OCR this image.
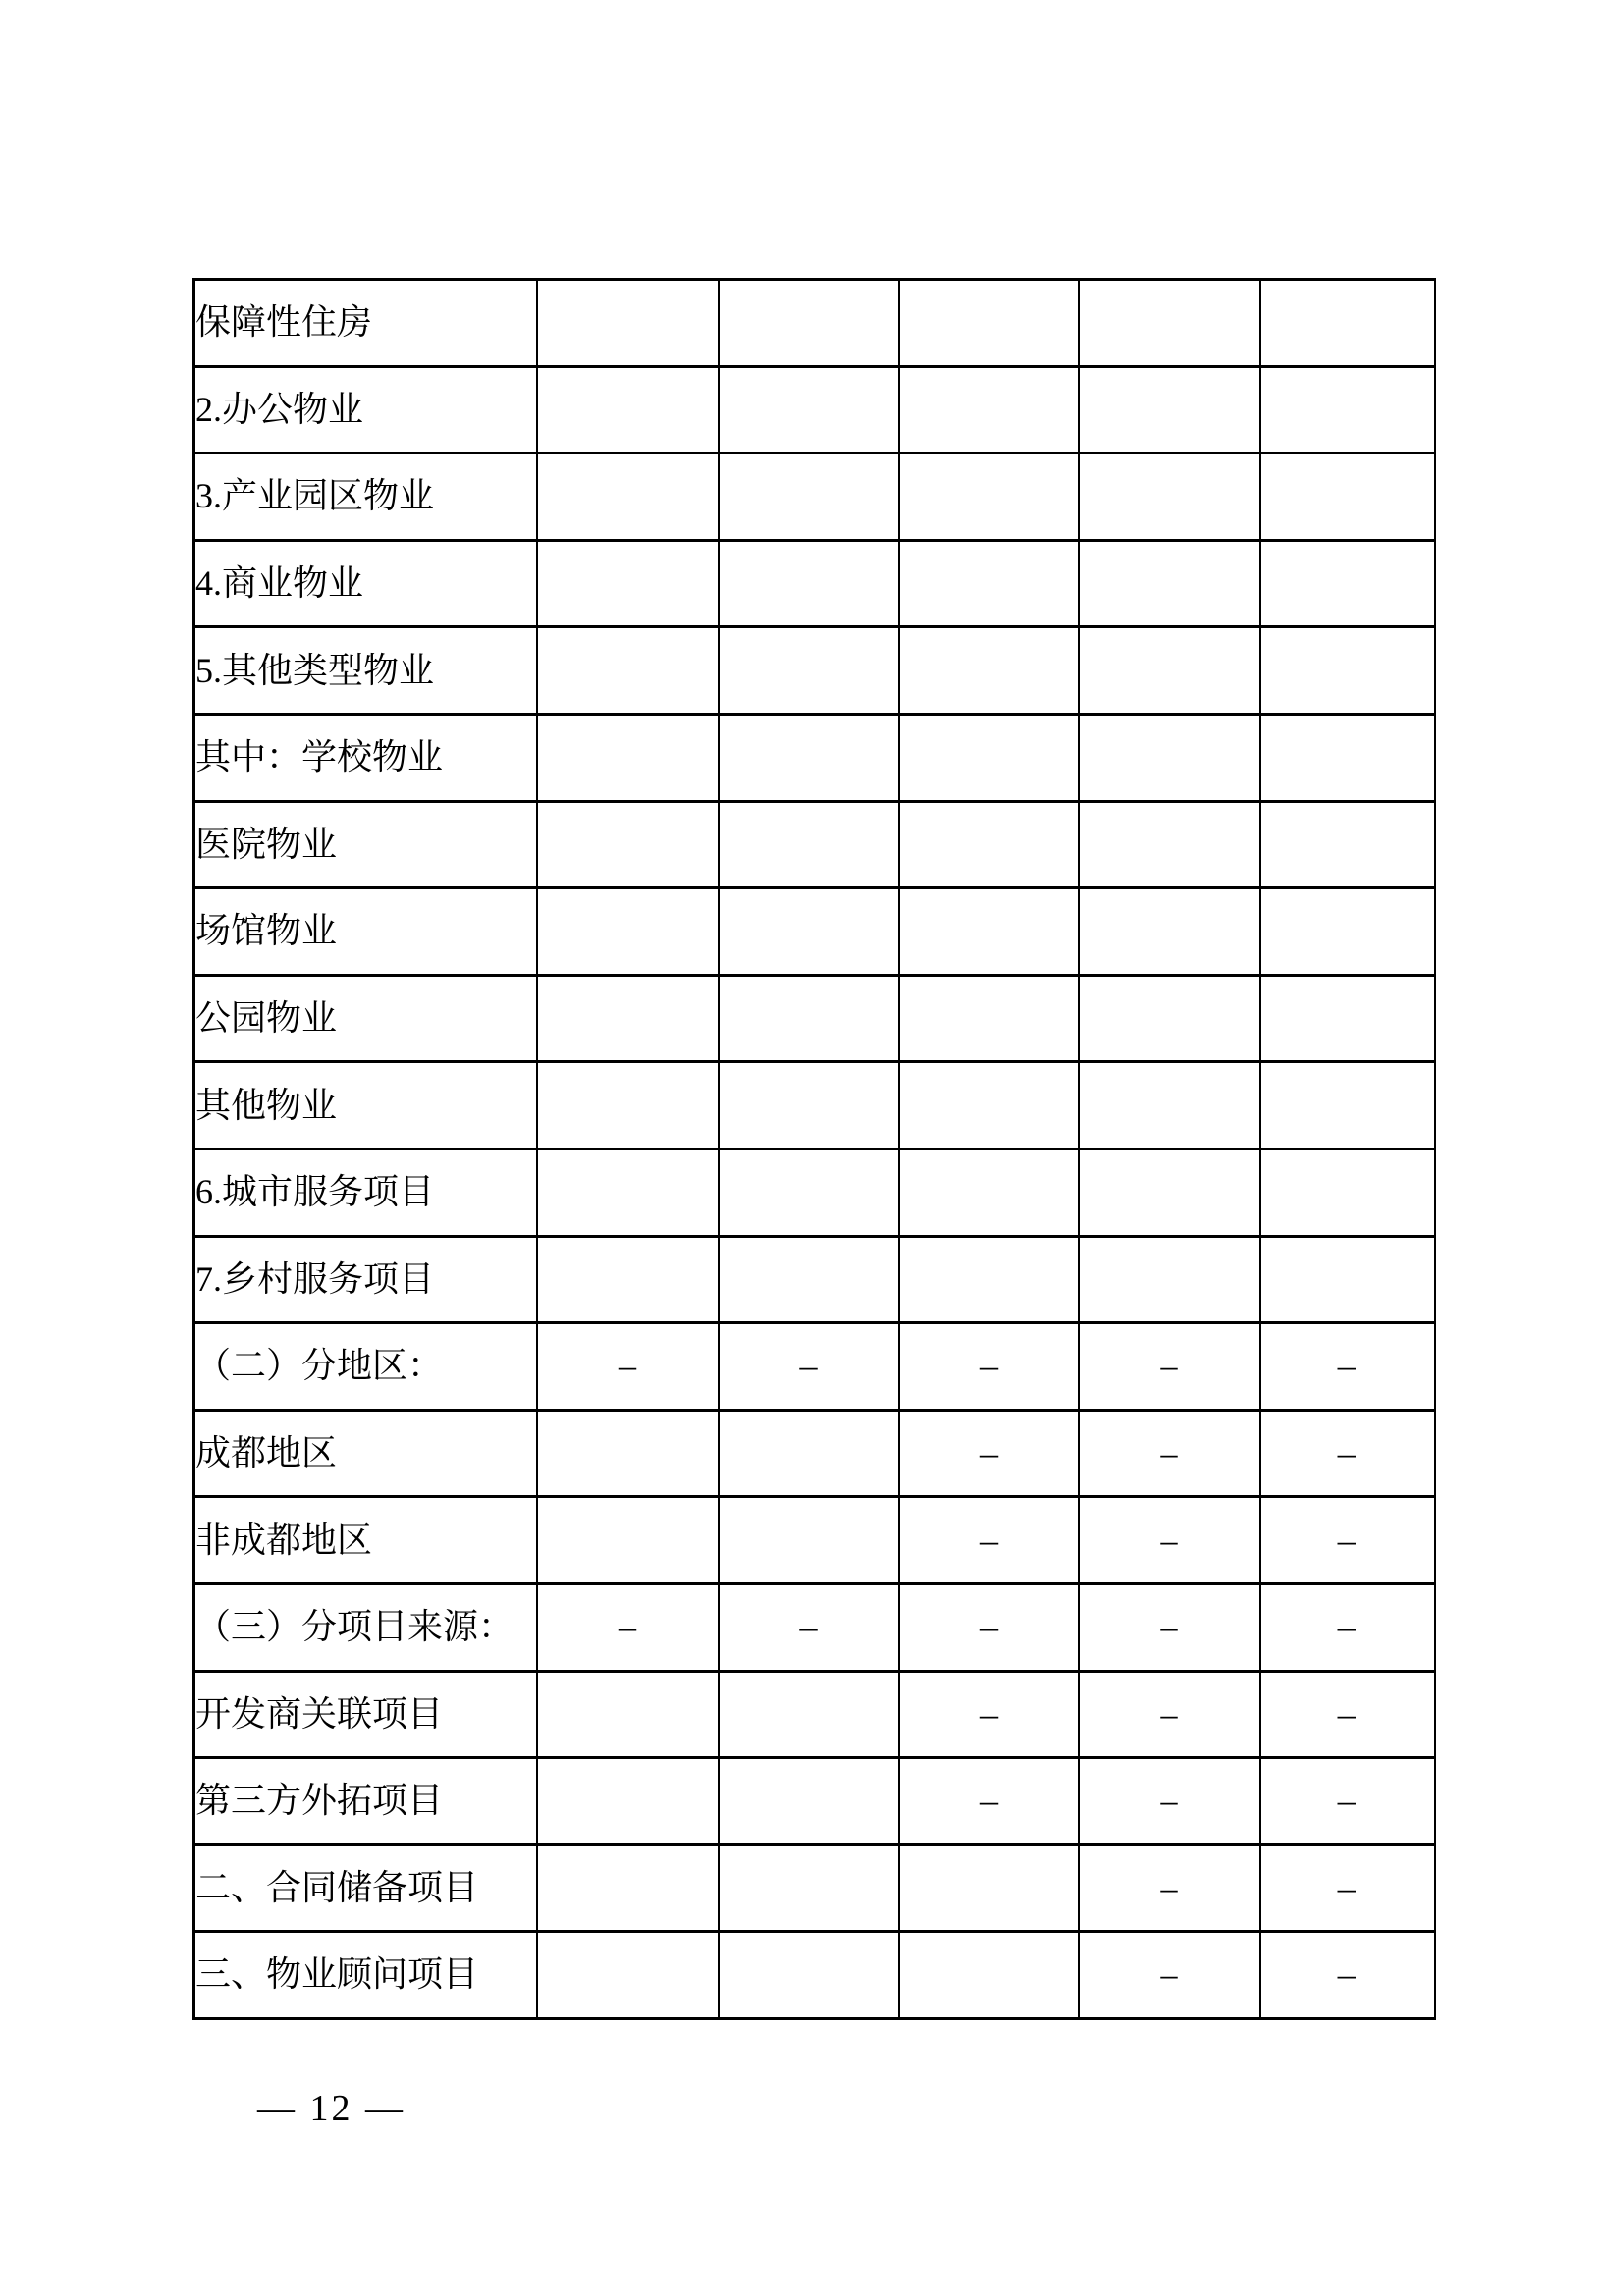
保障性住房					
2.办公物业					
3.产业园区物业					
4.商业物业					
5.其他类型物业					
其中：学校物业					
医院物业					
场馆物业					
公园物业					
其他物业					
6.城市服务项目					
7.乡村服务项目					
（二）分地区：	–	–	–	–	–
成都地区			–	–	–
非成都地区			–	–	–
（三）分项目来源：	–	–	–	–	–
开发商关联项目			–	–	–
第三方外拓项目			–	–	–
二、合同储备项目				–	–
三、物业顾问项目				–	–
— 12 —
